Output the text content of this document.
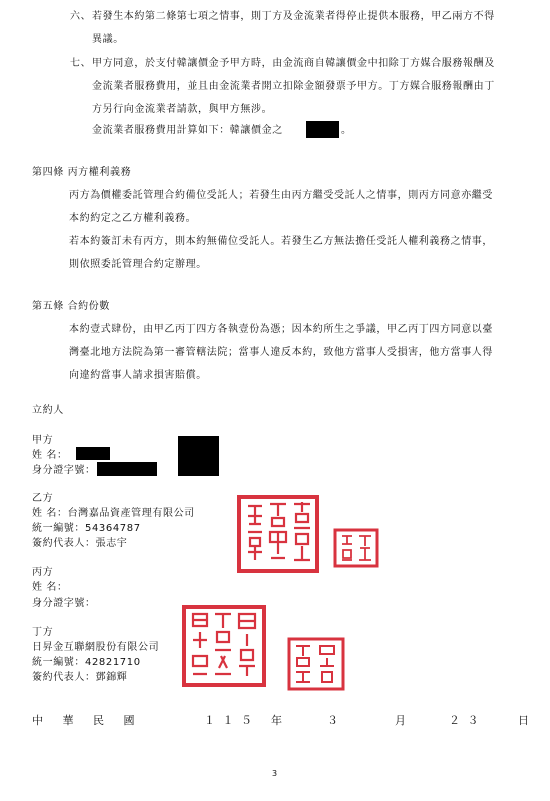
六、 若發生本約第二條第七項之情事，則丁方及金流業者得停止提供本服務，甲乙兩方不得
異議。
七、 甲方同意，於支付韓讓價金予甲方時，由金流商自韓讓價金中扣除丁方媒合服務報酬及
金流業者服務費用，並且由金流業者開立扣除金額發票予甲方。丁方媒合服務報酬由丁
方另行向金流業者請款，與甲方無涉。
金流業者服務費用計算如下：韓讓價金之	。
第四條 丙方權利義務
丙方為價權委託管理合約備位受託人；若發生由丙方繼受受託人之情事，則丙方同意亦繼受
本約約定之乙方權利義務。
若本約簽訂未有丙方，則本約無備位受託人。若發生乙方無法擔任受託人權利義務之情事，
則依照委託管理合約定辦理。
第五條 合約份數
本約壹式肆份，由甲乙丙丁四方各執壹份為憑；因本約所生之爭議，甲乙丙丁四方同意以臺
灣臺北地方法院為第一審管轄法院；當事人違反本約，致他方當事人受損害，他方當事人得
向違約當事人請求損害賠償。
立約人
甲方
姓 名：
身分證字號：
乙方
姓 名：台灣嘉品資產管理有限公司
統一編號：54364787
簽約代表人：張志宇
丙方
姓 名：
身分證字號：
丁方
日昇金互聯網股份有限公司
統一編號：42821710
簽約代表人：鄧錦輝
中 華 民 國	１ １ ５ 年	３	月	２ ３	日
3
